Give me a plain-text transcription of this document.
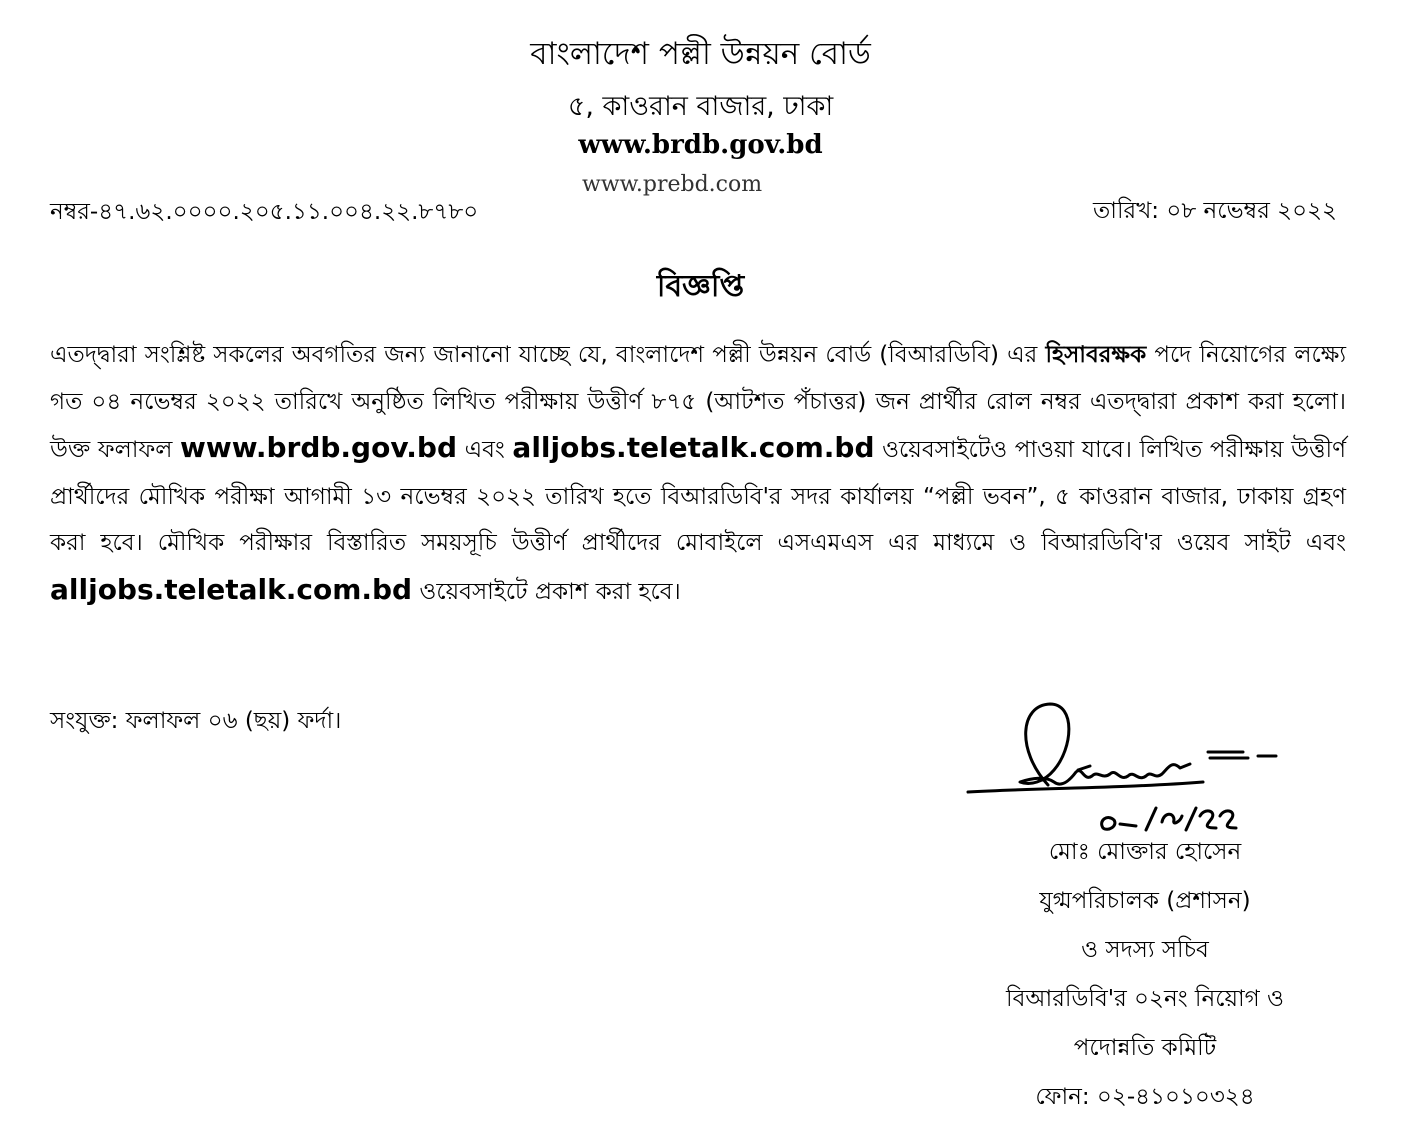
বাংলাদেশ পল্লী উন্নয়ন বোর্ড
৫, কাওরান বাজার, ঢাকা
www.brdb.gov.bd
www.prebd.com
নম্বর-৪৭.৬২.০০০০.২০৫.১১.০০৪.২২.৮৭৮০	তারিখ: ০৮ নভেম্বর ২০২২
বিজ্ঞপ্তি
এতদ্দ্বারা সংশ্লিষ্ট সকলের অবগতির জন্য জানানো যাচ্ছে যে, বাংলাদেশ পল্লী উন্নয়ন বোর্ড (বিআরডিবি) এর হিসাবরক্ষক পদে নিয়োগের লক্ষ্যে গত ০৪ নভেম্বর ২০২২ তারিখে অনুষ্ঠিত লিখিত পরীক্ষায় উত্তীর্ণ ৮৭৫ (আটশত পঁচাত্তর) জন প্রার্থীর রোল নম্বর এতদ্দ্বারা প্রকাশ করা হলো। উক্ত ফলাফল www.brdb.gov.bd এবং alljobs.teletalk.com.bd ওয়েবসাইটেও পাওয়া যাবে। লিখিত পরীক্ষায় উত্তীর্ণ প্রার্থীদের মৌখিক পরীক্ষা আগামী ১৩ নভেম্বর ২০২২ তারিখ হতে বিআরডিবি'র সদর কার্যালয় “পল্লী ভবন”, ৫ কাওরান বাজার, ঢাকায় গ্রহণ করা হবে। মৌখিক পরীক্ষার বিস্তারিত সময়সূচি উত্তীর্ণ প্রার্থীদের মোবাইলে এসএমএস এর মাধ্যমে ও বিআরডিবি'র ওয়েব সাইট এবং alljobs.teletalk.com.bd ওয়েবসাইটে প্রকাশ করা হবে।
সংযুক্ত: ফলাফল ০৬ (ছয়) ফর্দা।
০৮/১১/২২
মোঃ মোক্তার হোসেন
যুগ্মপরিচালক (প্রশাসন)
ও সদস্য সচিব
বিআরডিবি'র ০২নং নিয়োগ ও
পদোন্নতি কমিটি
ফোন: ০২-৪১০১০৩২৪
